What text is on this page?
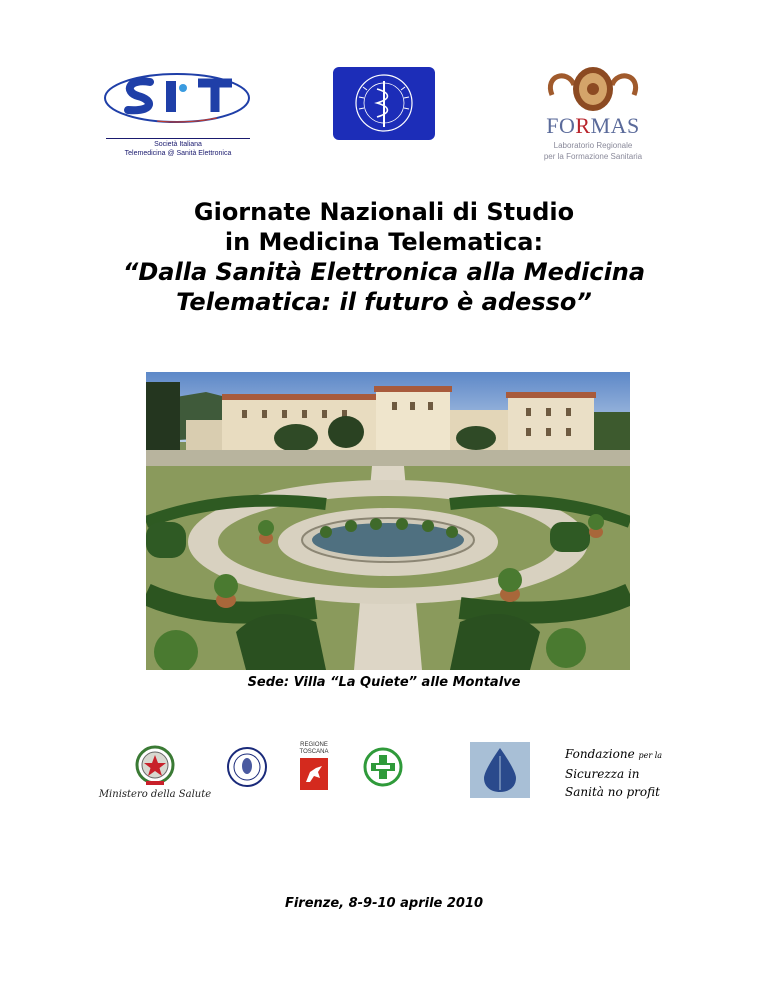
Società Italiana
Telemedicina @ Sanità Elettronica
FORMAS
Laboratorio Regionale
per la Formazione Sanitaria
Giornate Nazionali di Studio
in Medicina Telematica:
“Dalla Sanità Elettronica alla Medicina
Telematica: il futuro è adesso”
Sede: Villa “La Quiete” alle Montalve
Ministero della Salute
REGIONE
TOSCANA	Fondazione per la
Sicurezza in
Sanità no profit
Firenze, 8-9-10 aprile 2010
